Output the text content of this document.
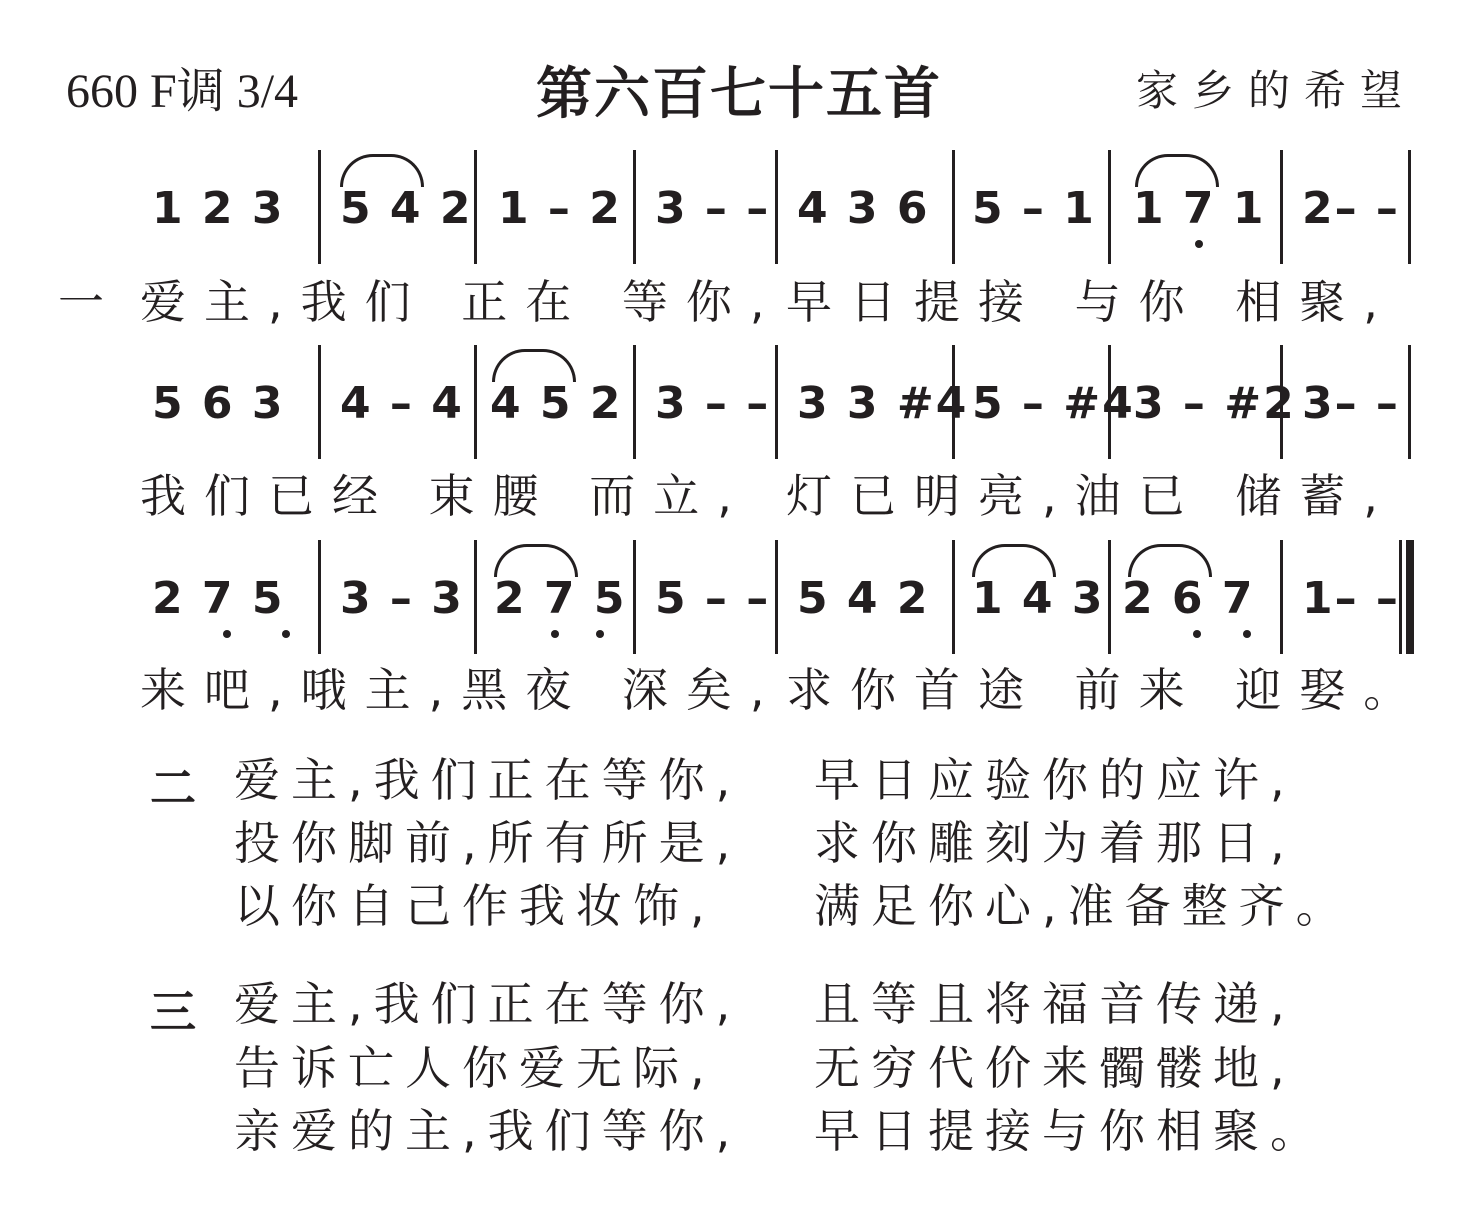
660 F调 3/4	第六百七十五首	家乡的希望
1 2 3 5 4 2 1 – 2 3 – – 4 3 6 5 – 1 1 7 1 2– –
一 爱主,我们 正在 等你, 早日提接 与你 相聚,
5 6 3 4 – 4 4 5 2 3 – – 3 3 #4 5 – #4
3 – #2 3– –
我们已经 束腰 而立, 灯已明亮,油已 储蓄,
2 7 5 3 – 3 2 7 5 5 – – 5 4 2 1 4 3 2 6 7 1– –
来吧,哦主,黑夜 深矣, 求你首途 前来 迎娶。
二 爱主,我们正在等你, 早日应验你的应许,
投你脚前,所有所是, 求你雕刻为着那日,
以你自己作我妆饰, 满足你心,准备整齐。
三 爱主,我们正在等你, 且等且将福音传递,
告诉亡人你爱无际, 无穷代价来髑髅地,
亲爱的主,我们等你, 早日提接与你相聚。
